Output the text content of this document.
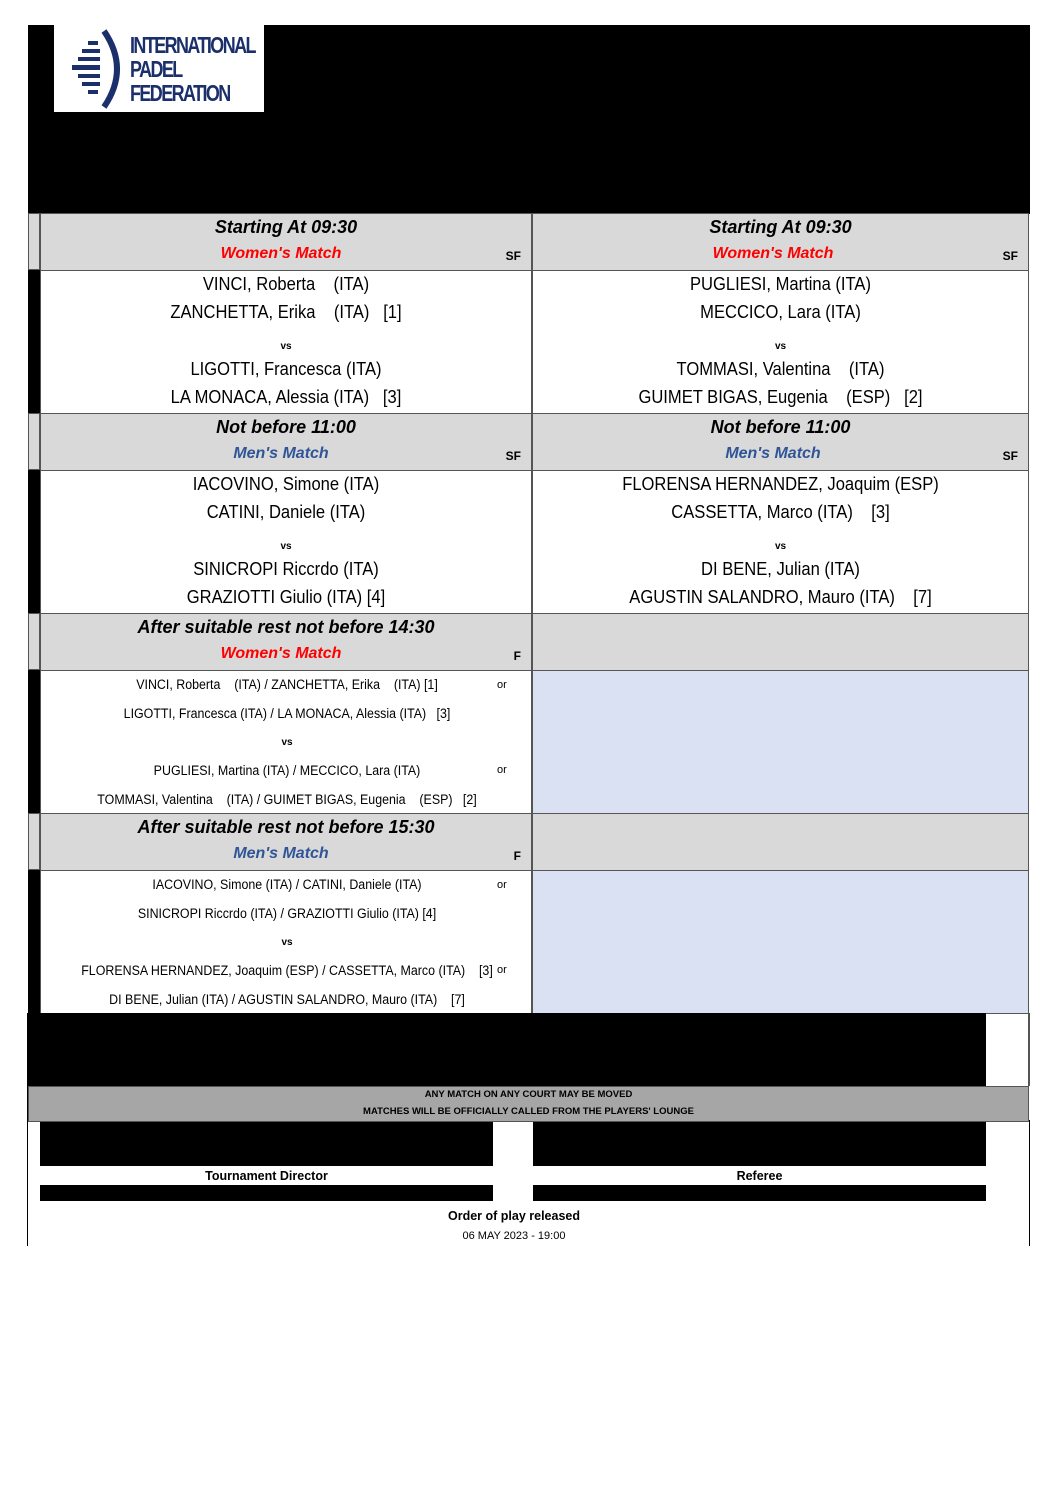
INTERNATIONAL
PADEL
FEDERATION
Starting At 09:30
Women's Match	SF
VINCI, Roberta    (ITA)
ZANCHETTA, Erika    (ITA)   [1]
LIGOTTI, Francesca (ITA)
LA MONACA, Alessia (ITA)   [3]
vs
Starting At 09:30
Women's Match	SF
PUGLIESI, Martina (ITA)
MECCICO, Lara (ITA)
TOMMASI, Valentina    (ITA)
GUIMET BIGAS, Eugenia    (ESP)   [2]
vs
Not before 11:00
Men's Match	SF
IACOVINO, Simone (ITA)
CATINI, Daniele (ITA)
SINICROPI Riccrdo (ITA)
GRAZIOTTI Giulio (ITA) [4]
vs
Not before 11:00
Men's Match	SF
FLORENSA HERNANDEZ, Joaquim (ESP)
CASSETTA, Marco (ITA)    [3]
DI BENE, Julian (ITA)
AGUSTIN SALANDRO, Mauro (ITA)    [7]
vs
After suitable rest not before 14:30
Women's Match	F
VINCI, Roberta    (ITA) / ZANCHETTA, Erika    (ITA) [1]
LIGOTTI, Francesca (ITA) / LA MONACA, Alessia (ITA)   [3]
PUGLIESI, Martina (ITA) / MECCICO, Lara (ITA)
TOMMASI, Valentina    (ITA) / GUIMET BIGAS, Eugenia    (ESP)   [2]
vs
or
or
After suitable rest not before 15:30
Men's Match	F
IACOVINO, Simone (ITA) / CATINI, Daniele (ITA)
SINICROPI Riccrdo (ITA) / GRAZIOTTI Giulio (ITA) [4]
FLORENSA HERNANDEZ, Joaquim (ESP) / CASSETTA, Marco (ITA)    [3]
DI BENE, Julian (ITA) / AGUSTIN SALANDRO, Mauro (ITA)    [7]
vs
or
or
ANY MATCH ON ANY COURT MAY BE MOVED
MATCHES WILL BE OFFICIALLY CALLED FROM THE PLAYERS' LOUNGE
Tournament Director	Referee
Order of play released
06 MAY 2023 - 19:00
